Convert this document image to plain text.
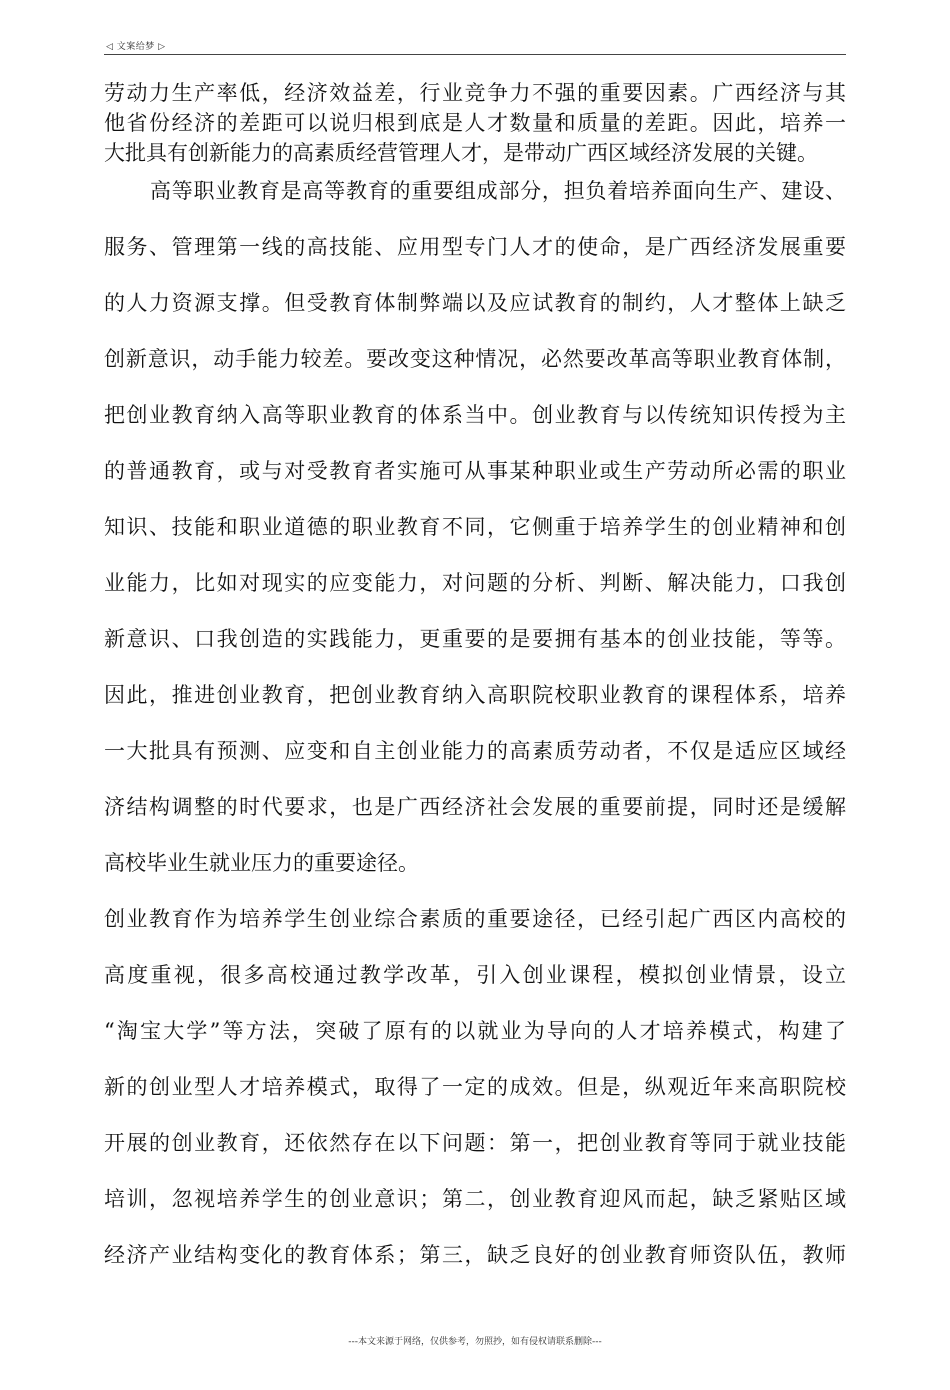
◁ 文案给梦 ▷
劳动力生产率低，经济效益差，行业竞争力不强的重要因素。广西经济与其
他省份经济的差距可以说归根到底是人才数量和质量的差距。因此，培养一
大批具有创新能力的高素质经营管理人才，是带动广西区域经济发展的关键。
高等职业教育是高等教育的重要组成部分，担负着培养面向生产、建设、
服务、管理第一线的高技能、应用型专门人才的使命，是广西经济发展重要
的人力资源支撑。但受教育体制弊端以及应试教育的制约，人才整体上缺乏
创新意识，动手能力较差。要改变这种情况，必然要改革高等职业教育体制，
把创业教育纳入高等职业教育的体系当中。创业教育与以传统知识传授为主
的普通教育，或与对受教育者实施可从事某种职业或生产劳动所必需的职业
知识、技能和职业道德的职业教育不同，它侧重于培养学生的创业精神和创
业能力，比如对现实的应变能力，对问题的分析、判断、解决能力，口我创
新意识、口我创造的实践能力，更重要的是要拥有基本的创业技能，等等。
因此，推进创业教育，把创业教育纳入高职院校职业教育的课程体系，培养
一大批具有预测、应变和自主创业能力的高素质劳动者，不仅是适应区域经
济结构调整的时代要求，也是广西经济社会发展的重要前提，同时还是缓解
高校毕业生就业压力的重要途径。
创业教育作为培养学生创业综合素质的重要途径，已经引起广西区内高校的
高度重视，很多高校通过教学改革，引入创业课程，模拟创业情景，设立
“淘宝大学”等方法，突破了原有的以就业为导向的人才培养模式，构建了
新的创业型人才培养模式，取得了一定的成效。但是，纵观近年来高职院校
开展的创业教育，还依然存在以下问题：第一，把创业教育等同于就业技能
培训，忽视培养学生的创业意识；第二，创业教育迎风而起，缺乏紧贴区域
经济产业结构变化的教育体系；第三，缺乏良好的创业教育师资队伍，教师
---本文来源于网络，仅供参考，勿照抄，如有侵权请联系删除---
